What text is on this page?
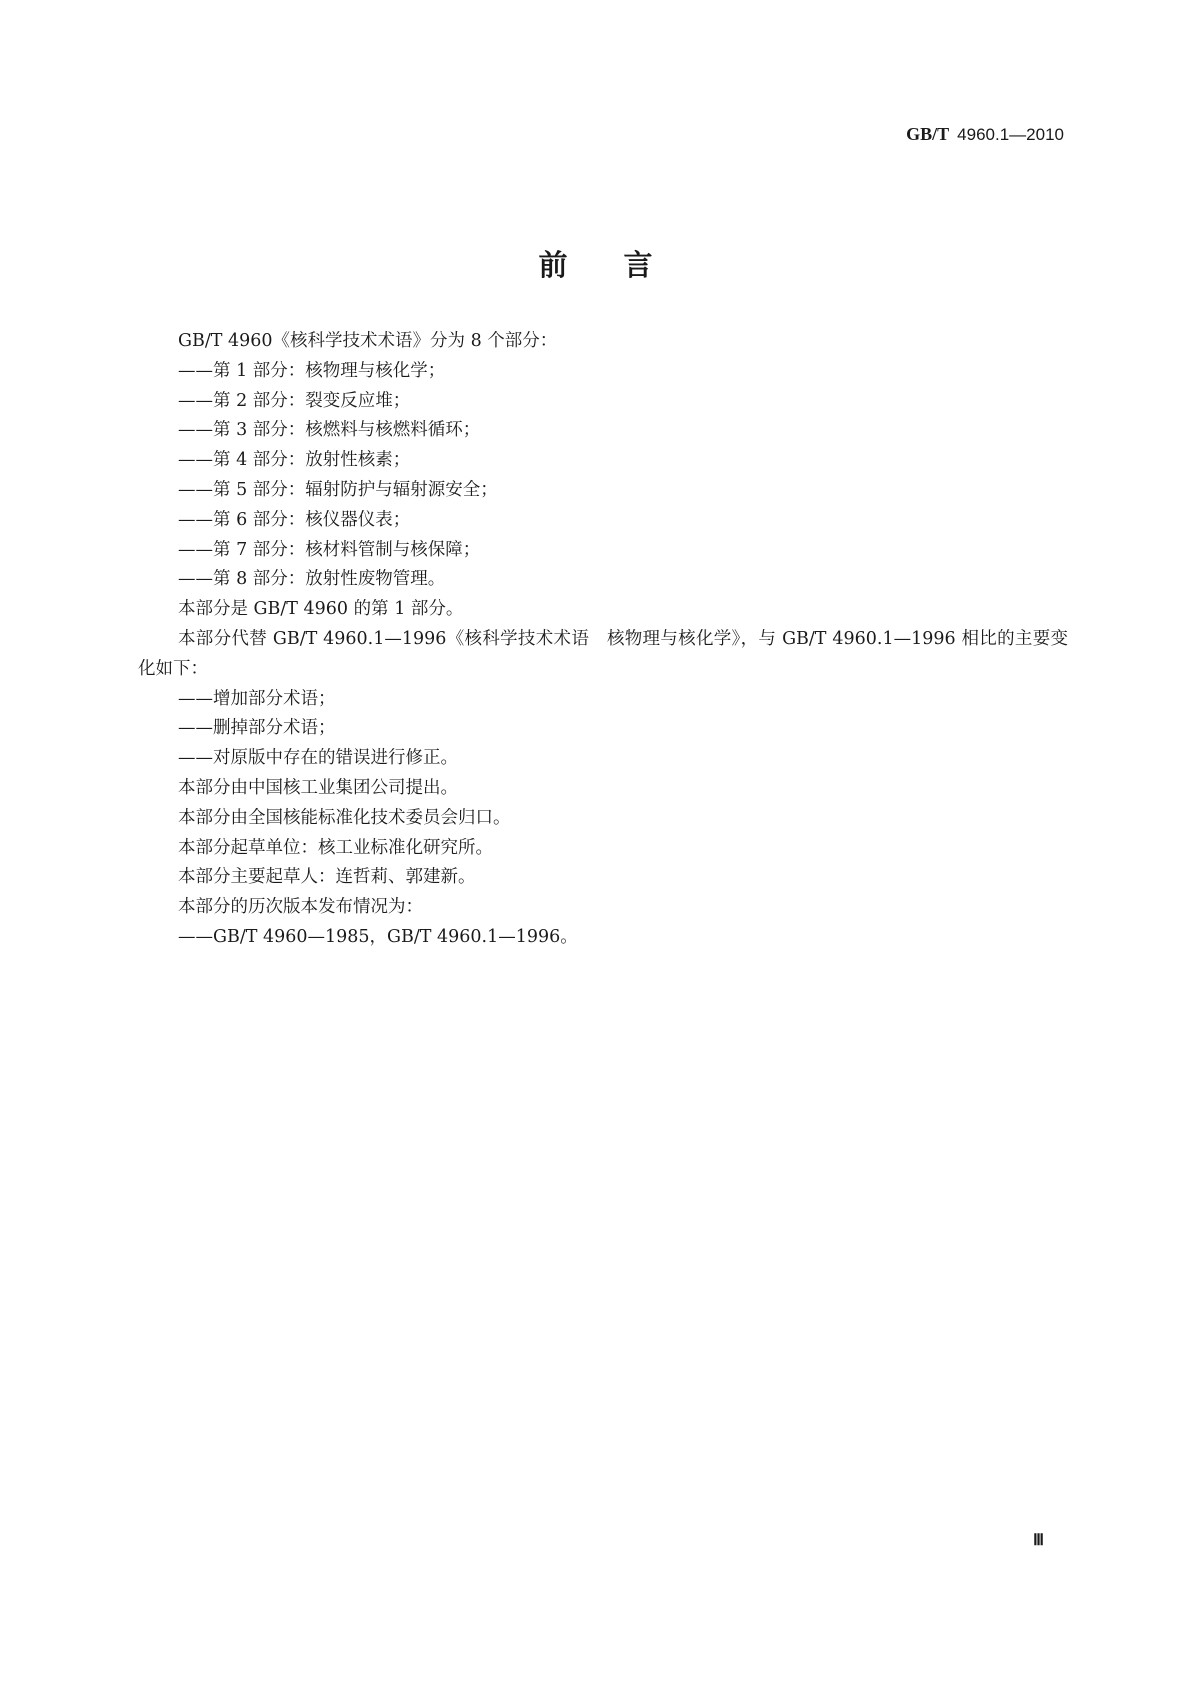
GB/T 4960.1—2010
前言

GB/T 4960《核科学技术术语》分为 8 个部分：

——第 1 部分：核物理与核化学；

——第 2 部分：裂变反应堆；

——第 3 部分：核燃料与核燃料循环；

——第 4 部分：放射性核素；

——第 5 部分：辐射防护与辐射源安全；

——第 6 部分：核仪器仪表；

——第 7 部分：核材料管制与核保障；

——第 8 部分：放射性废物管理。

本部分是 GB/T 4960 的第 1 部分。

本部分代替 GB/T 4960.1—1996《核科学技术术语　核物理与核化学》，与 GB/T 4960.1—1996 相比的主要变化如下：

——增加部分术语；

——删掉部分术语；

——对原版中存在的错误进行修正。

本部分由中国核工业集团公司提出。

本部分由全国核能标准化技术委员会归口。

本部分起草单位：核工业标准化研究所。

本部分主要起草人：连哲莉、郭建新。

本部分的历次版本发布情况为：

——GB/T 4960—1985，GB/T 4960.1—1996。

Ⅲ
